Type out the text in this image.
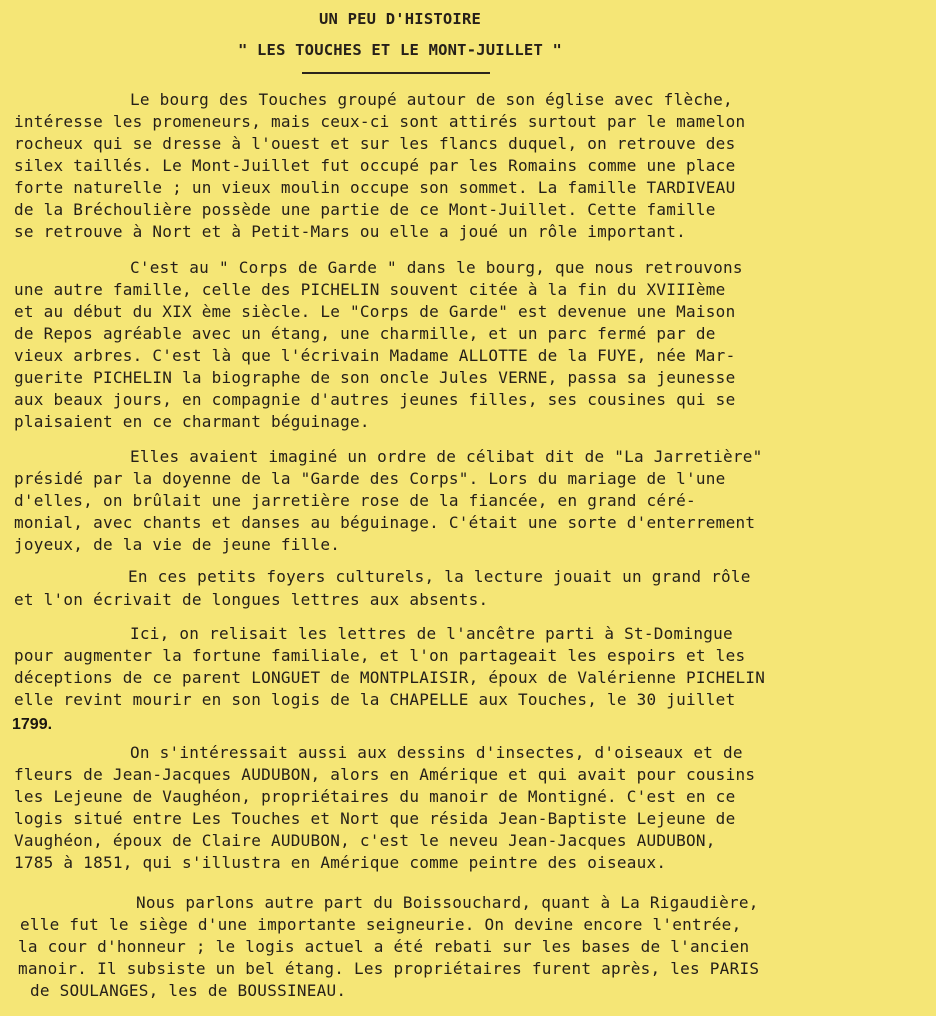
UN PEU D'HISTOIRE
" LES TOUCHES ET LE MONT-JUILLET "
Le bourg des Touches groupé autour de son église avec flèche,
intéresse les promeneurs, mais ceux-ci sont attirés surtout par le mamelon
rocheux qui se dresse à l'ouest et sur les flancs duquel, on retrouve des
silex taillés. Le Mont-Juillet fut occupé par les Romains comme une place
forte naturelle ; un vieux moulin occupe son sommet. La famille TARDIVEAU
de la Bréchoulière possède une partie de ce Mont-Juillet. Cette famille
se retrouve à Nort et à Petit-Mars ou elle a joué un rôle important.
C'est au " Corps de Garde " dans le bourg, que nous retrouvons
une autre famille, celle des PICHELIN souvent citée à la fin du XVIIIème
et au début du XIX ème siècle. Le "Corps de Garde" est devenue une Maison
de Repos agréable avec un étang, une charmille, et un parc fermé par de
vieux arbres. C'est là que l'écrivain Madame ALLOTTE de la FUYE, née Mar-
guerite PICHELIN la biographe de son oncle Jules VERNE, passa sa jeunesse
aux beaux jours, en compagnie d'autres jeunes filles, ses cousines qui se
plaisaient en ce charmant béguinage.
Elles avaient imaginé un ordre de célibat dit de "La Jarretière"
présidé par la doyenne de la "Garde des Corps". Lors du mariage de l'une
d'elles, on brûlait une jarretière rose de la fiancée, en grand céré-
monial, avec chants et danses au béguinage. C'était une sorte d'enterrement
joyeux, de la vie de jeune fille.
En ces petits foyers culturels, la lecture jouait un grand rôle
et l'on écrivait de longues lettres aux absents.
Ici, on relisait les lettres de l'ancêtre parti à St-Domingue
pour augmenter la fortune familiale, et l'on partageait les espoirs et les
déceptions de ce parent LONGUET de MONTPLAISIR, époux de Valérienne PICHELIN
elle revint mourir en son logis de la CHAPELLE aux Touches, le 30 juillet
On s'intéressait aussi aux dessins d'insectes, d'oiseaux et de
fleurs de Jean-Jacques AUDUBON, alors en Amérique et qui avait pour cousins
les Lejeune de Vaughéon, propriétaires du manoir de Montigné. C'est en ce
logis situé entre Les Touches et Nort que résida Jean-Baptiste Lejeune de
Vaughéon, époux de Claire AUDUBON, c'est le neveu Jean-Jacques AUDUBON,
1785 à 1851, qui s'illustra en Amérique comme peintre des oiseaux.
Nous parlons autre part du Boissouchard, quant à La Rigaudière,
elle fut le siège d'une importante seigneurie. On devine encore l'entrée,
la cour d'honneur ; le logis actuel a été rebati sur les bases de l'ancien
manoir. Il subsiste un bel étang. Les propriétaires furent après, les PARIS
de SOULANGES, les de BOUSSINEAU.
1799.
